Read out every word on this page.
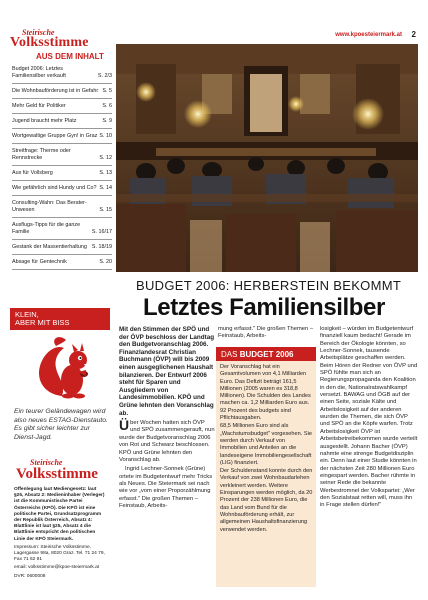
Steirische
Volksstimme	www.kpoesteiermark.at 2
AUS DEM INHALT
Budget 2006: Letztes Familiensilber verkauft	S. 2/3
Die Wohnbauförderung ist in Gefahr S. 5
Mehr Geld für Politiker	S. 6
Jugend braucht mehr Platz	S. 9
Wortgewaltige Gruppe Gyn! in Graz S. 10
Streitfrage: Therme oder Rennstrecke	S. 12
Aus für Vollsberg	S. 13
Wie gefährlich sind Hundy und Co? S. 14
Consulting-Wahn: Das Berater-Unwesen	S. 15
Ausflugs-Tipps für die ganze Familie	S. 16/17
Gestank der Massentierhaltung S. 18/19
Absage für Gentechnik	S. 20
KLEIN,
ABER MIT BISS
Ein teurer Geländewagen wird also neues ESTAG-Dienstauto. Es gibt sicher leichter zur Dienst-Jagd.
Steirische
Volksstimme

Offenlegung laut Mediengesetz: laut §25, Absatz 2: Medieninhaber (Verleger) ist die Kommunistische Partei Österreichs (KPÖ). Die KPÖ ist eine politische Partei, Grundsatzprogramm der Republik Österreich, Absatz 4: Blattlinie ist laut §25, Absatz 4 die Blattlinie entspricht den politischen Linie der KPÖ Steiermark.

Impressum: Steirische Volksstimme, Lagergasse 98a, 8020 Graz. Tel. 71 24 79, Fax 71 62 91

email: volksstimme@kpoe-steiermark.at

DVR: 0600008

BUDGET 2006: HERBERSTEIN BEKOMMT
Letztes Familiensilber

Mit den Stimmen der SPÖ und der ÖVP beschloss der Landtag den Budgetvoranschlag 2006. Finanzlandesrat Christian Buchmann (ÖVP) will bis 2009 einen ausgeglichenen Haushalt bilanzieren. Der Entwurf 2006 steht für Sparen und Ausgliedern von Landesimmobilien. KPÖ und Grüne lehnten den Voranschlag ab.

Über Wochen hatten sich ÖVP und SPÖ zusammengerauft, nun wurde der Budgetvoranschlag 2006 von Rot und Schwarz beschlossen. KPÖ und Grüne lehnten den Voranschlag ab.

Ingrid Lechner-Sonnek (Grüne) ortete im Budgetentwurf mehr Tricks als Neues. Die Steiermark sei nach wie vor „vom einer Proporzählmung erfasst." Die großen Themen – Feinstaub, Arbeits-

mung erfasst." Die großen Themen – Feinstaub, Arbeits-

DAS BUDGET 2006

Der Voranschlag hat ein Gesamtvolumen von 4,1 Milliarden Euro. Das Defizit beträgt 161,5 Millionen (2005 waren es 318,8 Millionen). Die Schulden des Landes machen ca. 1,2 Milliarden Euro aus. 92 Prozent des budgets sind Pflichtausgaben.

68,5 Millionen Euro sind als „Wachstumsbudget" vorgesehen. Sie werden durch Verkauf von Immobilien und Anteilen an die landeseigene Immobiliengesellschaft (LIG) finanziert.

Der Schuldenstand konnte durch den Verkauf von zwei Wohnbaudarlehen verkleinert werden. Weitere Einsparungen werden möglich, da 20 Prozent der 238 Millionen Euro, die das Land vom Bund für die Wohnbauförderung erhält, zur allgemeinen Haushaltsfinanzierung verwendet werden.

losigkeit – würden im Budgetentwurf finanziell kaum bedacht! Gerade im Bereich der Ökologie könnten, so Lechner-Sonnek, tausende Arbeitsplätze geschaffen werden. Beim Hören der Redner von ÖVP und SPÖ fühlte man sich an Regierungspropaganda den Koalition in den die, Nationalratswahlkampf versetzt. BAWAG und ÖGB auf der einen Seite, soziale Kälte und Arbeitslosigkeit auf der anderen wurden die Themen, die sich ÖVP und SPÖ an die Köpfe warfen. Trotz Arbeitslosigkeit ÖVP ist Arbeitsbetreibekommen wurde verteilt ausgestellt. Johann Bacher (ÖVP) nahmte eine strenge Budgetdisziplin ein. Denn laut einer Studie könnten in der nächsten Zeit 280 Millionen Euro eingespart werden. Bacher rühmte in seiner Rede die bekannte Werbestromnel der Volkspartei: „Wer den Sozialstaat retten will, muss ihn in Frage stellen dürfen!"
